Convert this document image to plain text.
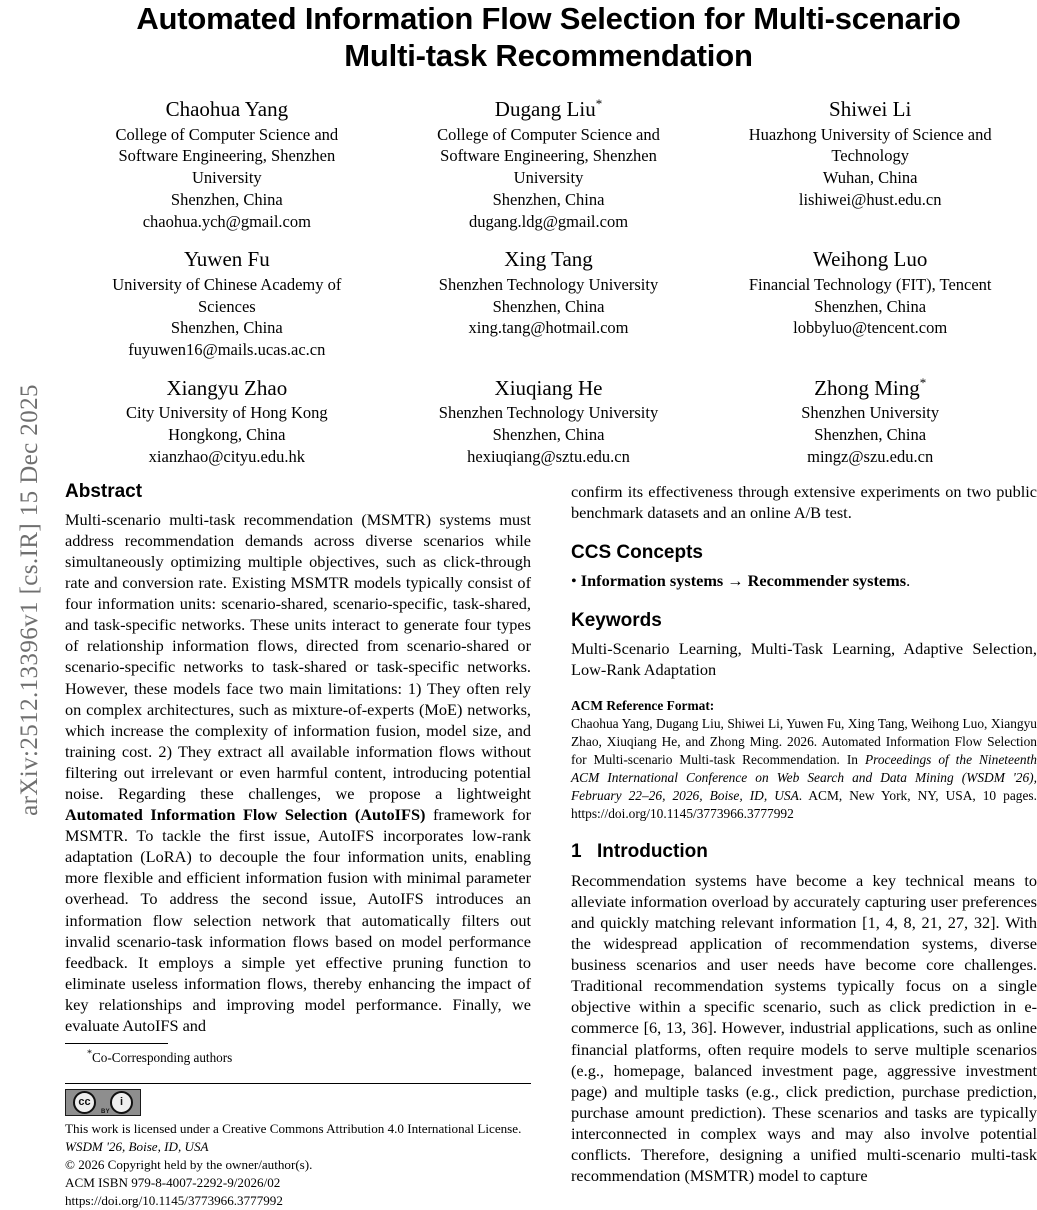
arXiv:2512.13396v1 [cs.IR] 15 Dec 2025
Automated Information Flow Selection for Multi-scenario
Multi-task Recommendation
Chaohua Yang
College of Computer Science and
Software Engineering, Shenzhen
University
Shenzhen, China
chaohua.ych@gmail.com
Dugang Liu*
College of Computer Science and
Software Engineering, Shenzhen
University
Shenzhen, China
dugang.ldg@gmail.com
Shiwei Li
Huazhong University of Science and
Technology
Wuhan, China
lishiwei@hust.edu.cn
Yuwen Fu
University of Chinese Academy of
Sciences
Shenzhen, China
fuyuwen16@mails.ucas.ac.cn
Xing Tang
Shenzhen Technology University
Shenzhen, China
xing.tang@hotmail.com
Weihong Luo
Financial Technology (FIT), Tencent
Shenzhen, China
lobbyluo@tencent.com
Xiangyu Zhao
City University of Hong Kong
Hongkong, China
xianzhao@cityu.edu.hk
Xiuqiang He
Shenzhen Technology University
Shenzhen, China
hexiuqiang@sztu.edu.cn
Zhong Ming*
Shenzhen University
Shenzhen, China
mingz@szu.edu.cn
Abstract

Multi-scenario multi-task recommendation (MSMTR) systems must address recommendation demands across diverse scenarios while simultaneously optimizing multiple objectives, such as click-through rate and conversion rate. Existing MSMTR models typically consist of four information units: scenario-shared, scenario-specific, task-shared, and task-specific networks. These units interact to generate four types of relationship information flows, directed from scenario-shared or scenario-specific networks to task-shared or task-specific networks. However, these models face two main limitations: 1) They often rely on complex architectures, such as mixture-of-experts (MoE) networks, which increase the complexity of information fusion, model size, and training cost. 2) They extract all available information flows without filtering out irrelevant or even harmful content, introducing potential noise. Regarding these challenges, we propose a lightweight Automated Information Flow Selection (AutoIFS) framework for MSMTR. To tackle the first issue, AutoIFS incorporates low-rank adaptation (LoRA) to decouple the four information units, enabling more flexible and efficient information fusion with minimal parameter overhead. To address the second issue, AutoIFS introduces an information flow selection network that automatically filters out invalid scenario-task information flows based on model performance feedback. It employs a simple yet effective pruning function to eliminate useless information flows, thereby enhancing the impact of key relationships and improving model performance. Finally, we evaluate AutoIFS and

confirm its effectiveness through extensive experiments on two public benchmark datasets and an online A/B test.

CCS Concepts

• Information systems → Recommender systems.

Keywords

Multi-Scenario Learning, Multi-Task Learning, Adaptive Selection, Low-Rank Adaptation

ACM Reference Format:
Chaohua Yang, Dugang Liu, Shiwei Li, Yuwen Fu, Xing Tang, Weihong Luo, Xiangyu Zhao, Xiuqiang He, and Zhong Ming. 2026. Automated Information Flow Selection for Multi-scenario Multi-task Recommendation. In Proceedings of the Nineteenth ACM International Conference on Web Search and Data Mining (WSDM '26), February 22–26, 2026, Boise, ID, USA. ACM, New York, NY, USA, 10 pages. https://doi.org/10.1145/3773966.3777992
1 Introduction

Recommendation systems have become a key technical means to alleviate information overload by accurately capturing user preferences and quickly matching relevant information [1, 4, 8, 21, 27, 32]. With the widespread application of recommendation systems, diverse business scenarios and user needs have become core challenges. Traditional recommendation systems typically focus on a single objective within a specific scenario, such as click prediction in e-commerce [6, 13, 36]. However, industrial applications, such as online financial platforms, often require models to serve multiple scenarios (e.g., homepage, balanced investment page, aggressive investment page) and multiple tasks (e.g., click prediction, purchase prediction, purchase amount prediction). These scenarios and tasks are typically interconnected in complex ways and may also involve potential conflicts. Therefore, designing a unified multi-scenario multi-task recommendation (MSMTR) model to capture

*Co-Corresponding authors

cc	i
BY

This work is licensed under a Creative Commons Attribution 4.0 International License.

WSDM '26, Boise, ID, USA

© 2026 Copyright held by the owner/author(s).

ACM ISBN 979-8-4007-2292-9/2026/02

https://doi.org/10.1145/3773966.3777992
